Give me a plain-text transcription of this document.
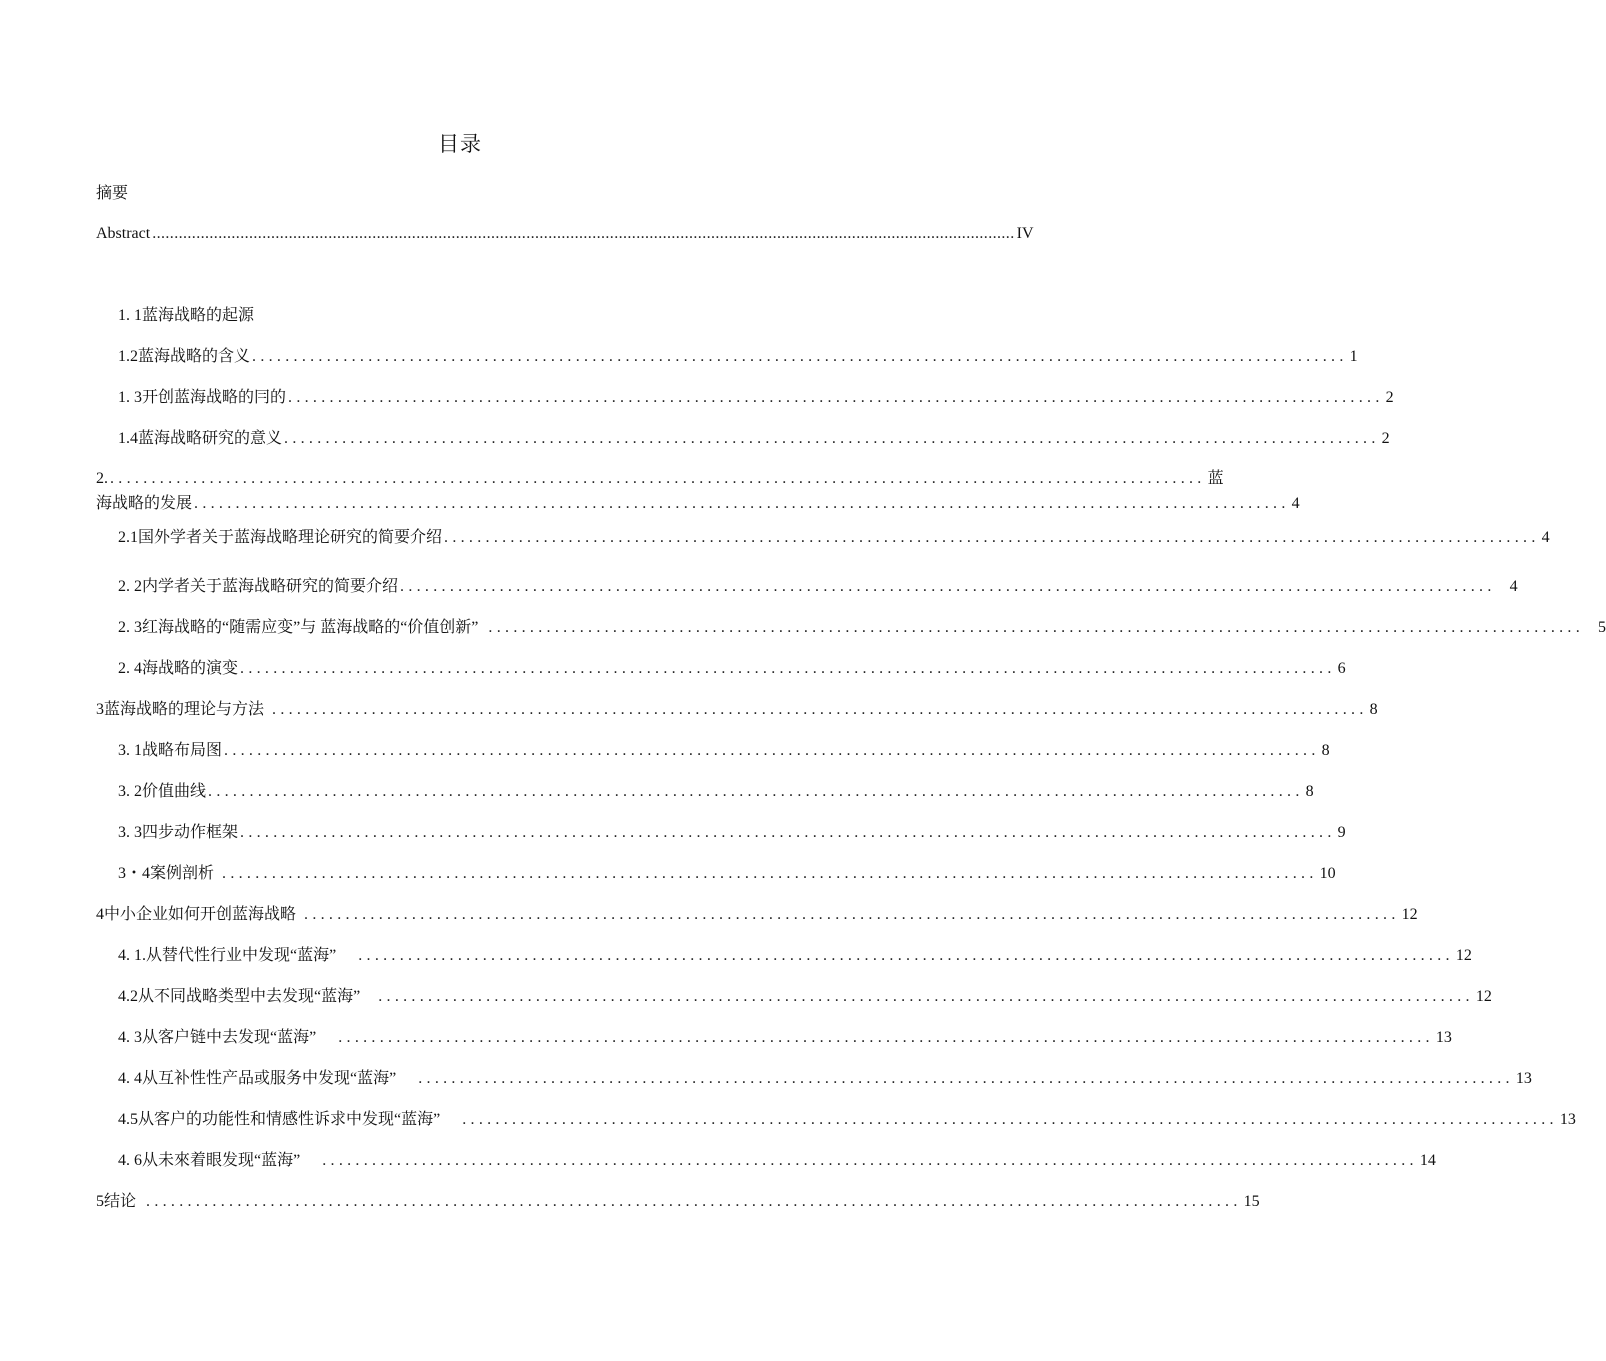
目录
摘要
Abstract .................................................................................................................................................................................................... IV
1. 1蓝海战略的起源
1.2蓝海战略的含义 .................................................................................................................................... 1
1. 3开创蓝海战略的冃的 .................................................................................................................................... 2
1.4蓝海战略研究的意义 .................................................................................................................................... 2
2. .................................................................................................................................... 蓝
海战略的发展 .................................................................................................................................... 4
2.1国外学者关于蓝海战略理论研究的简要介绍 .................................................................................................................................... 4
2. 2内学者关于蓝海战略研究的简要介绍 .................................................................................................................................... 4
2. 3红海战略的“随需应变”与 蓝海战略的“价值创新” .................................................................................................................................... 5
2. 4海战略的演变 .................................................................................................................................... 6
3蓝海战略的理论与方法 .................................................................................................................................... 8
3. 1战略布局图 .................................................................................................................................... 8
3. 2价值曲线 .................................................................................................................................... 8
3. 3四步动作框架 .................................................................................................................................... 9
3・4案例剖析 .................................................................................................................................... 10
4中小企业如何开创蓝海战略 .................................................................................................................................... 12
4. 1.从替代性行业中发现“蓝海” .................................................................................................................................... 12
4.2从不同战略类型中去发现“蓝海” .................................................................................................................................... 12
4. 3从客户链中去发现“蓝海” .................................................................................................................................... 13
4. 4从互补性性产品或服务中发现“蓝海” .................................................................................................................................... 13
4.5从客户的功能性和情感性诉求中发现“蓝海” .................................................................................................................................... 13
4. 6从未來着眼发现“蓝海” .................................................................................................................................... 14
5结论 .................................................................................................................................... 15
